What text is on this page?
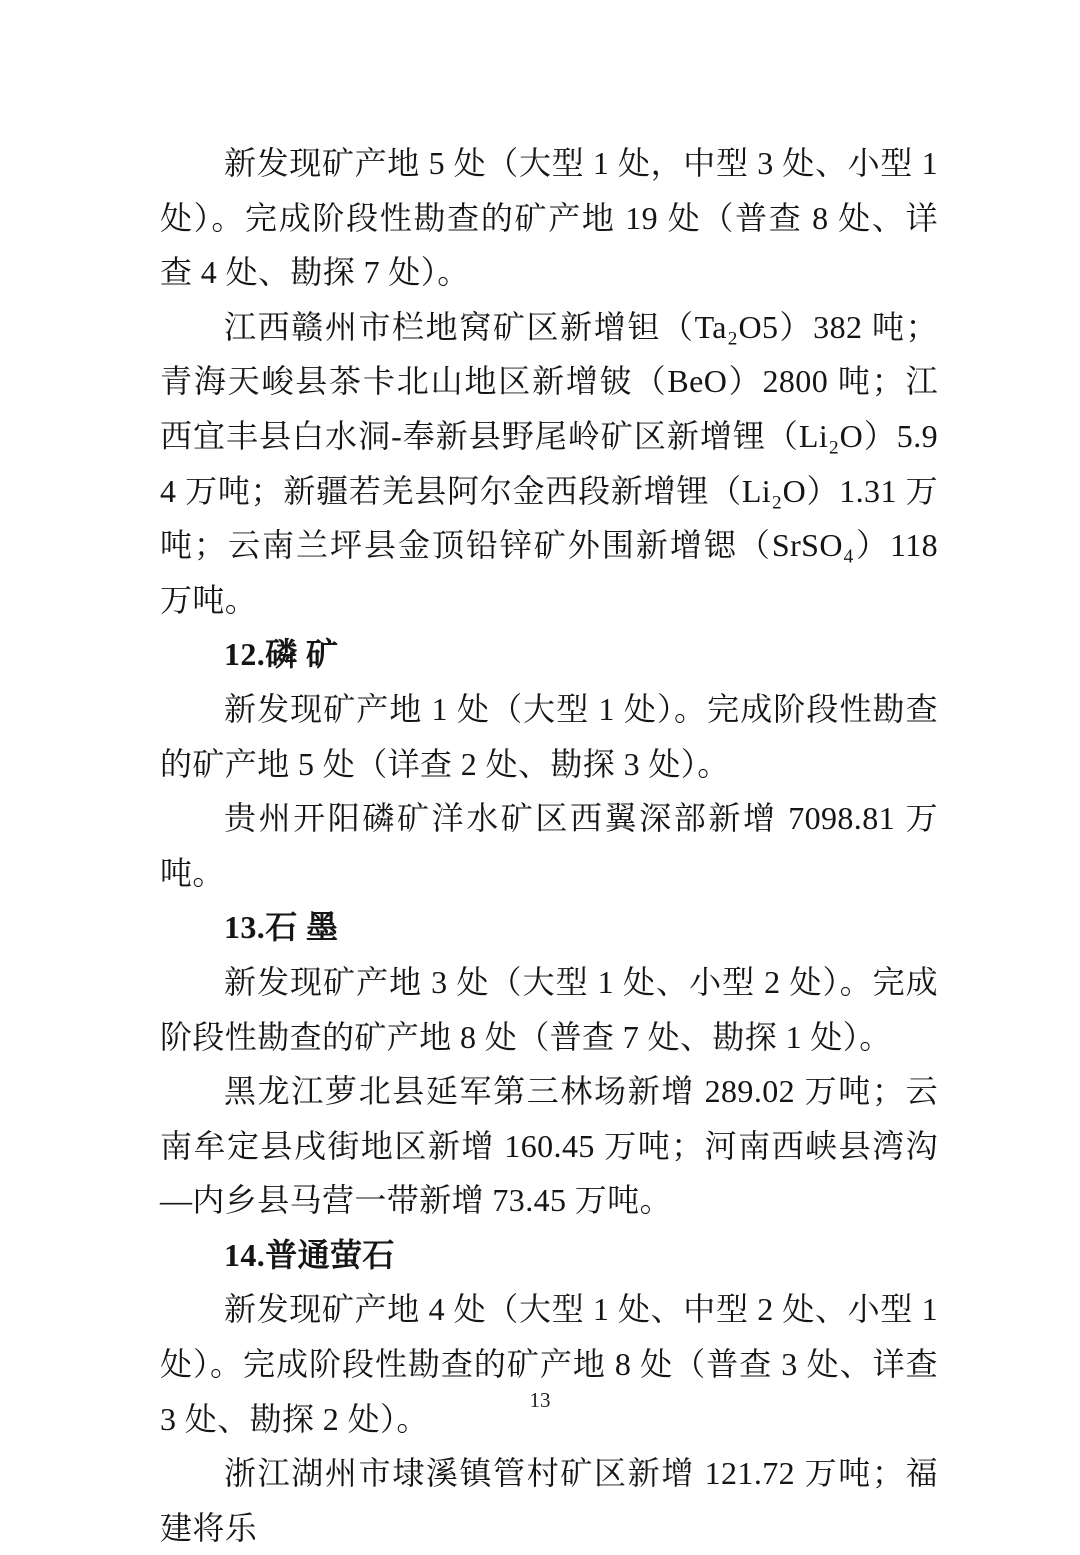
新发现矿产地 5 处（大型 1 处，中型 3 处、小型 1 处）。完成阶段性勘查的矿产地 19 处（普查 8 处、详查 4 处、勘探 7 处）。

江西赣州市栏地窝矿区新增钽（Ta₂O5）382 吨；青海天峻县茶卡北山地区新增铍（BeO）2800 吨；江西宜丰县白水洞-奉新县野尾岭矿区新增锂（Li₂O）5.94 万吨；新疆若羌县阿尔金西段新增锂（Li₂O）1.31 万吨；云南兰坪县金顶铅锌矿外围新增锶（SrSO₄）118 万吨。

12.磷 矿

新发现矿产地 1 处（大型 1 处）。完成阶段性勘查的矿产地 5 处（详查 2 处、勘探 3 处）。

贵州开阳磷矿洋水矿区西翼深部新增 7098.81 万吨。

13.石 墨

新发现矿产地 3 处（大型 1 处、小型 2 处）。完成阶段性勘查的矿产地 8 处（普查 7 处、勘探 1 处）。

黑龙江萝北县延军第三林场新增 289.02 万吨；云南牟定县戌街地区新增 160.45 万吨；河南西峡县湾沟—内乡县马营一带新增 73.45 万吨。

14.普通萤石

新发现矿产地 4 处（大型 1 处、中型 2 处、小型 1 处）。完成阶段性勘查的矿产地 8 处（普查 3 处、详查 3 处、勘探 2 处）。

浙江湖州市埭溪镇管村矿区新增 121.72 万吨；福建将乐

13
